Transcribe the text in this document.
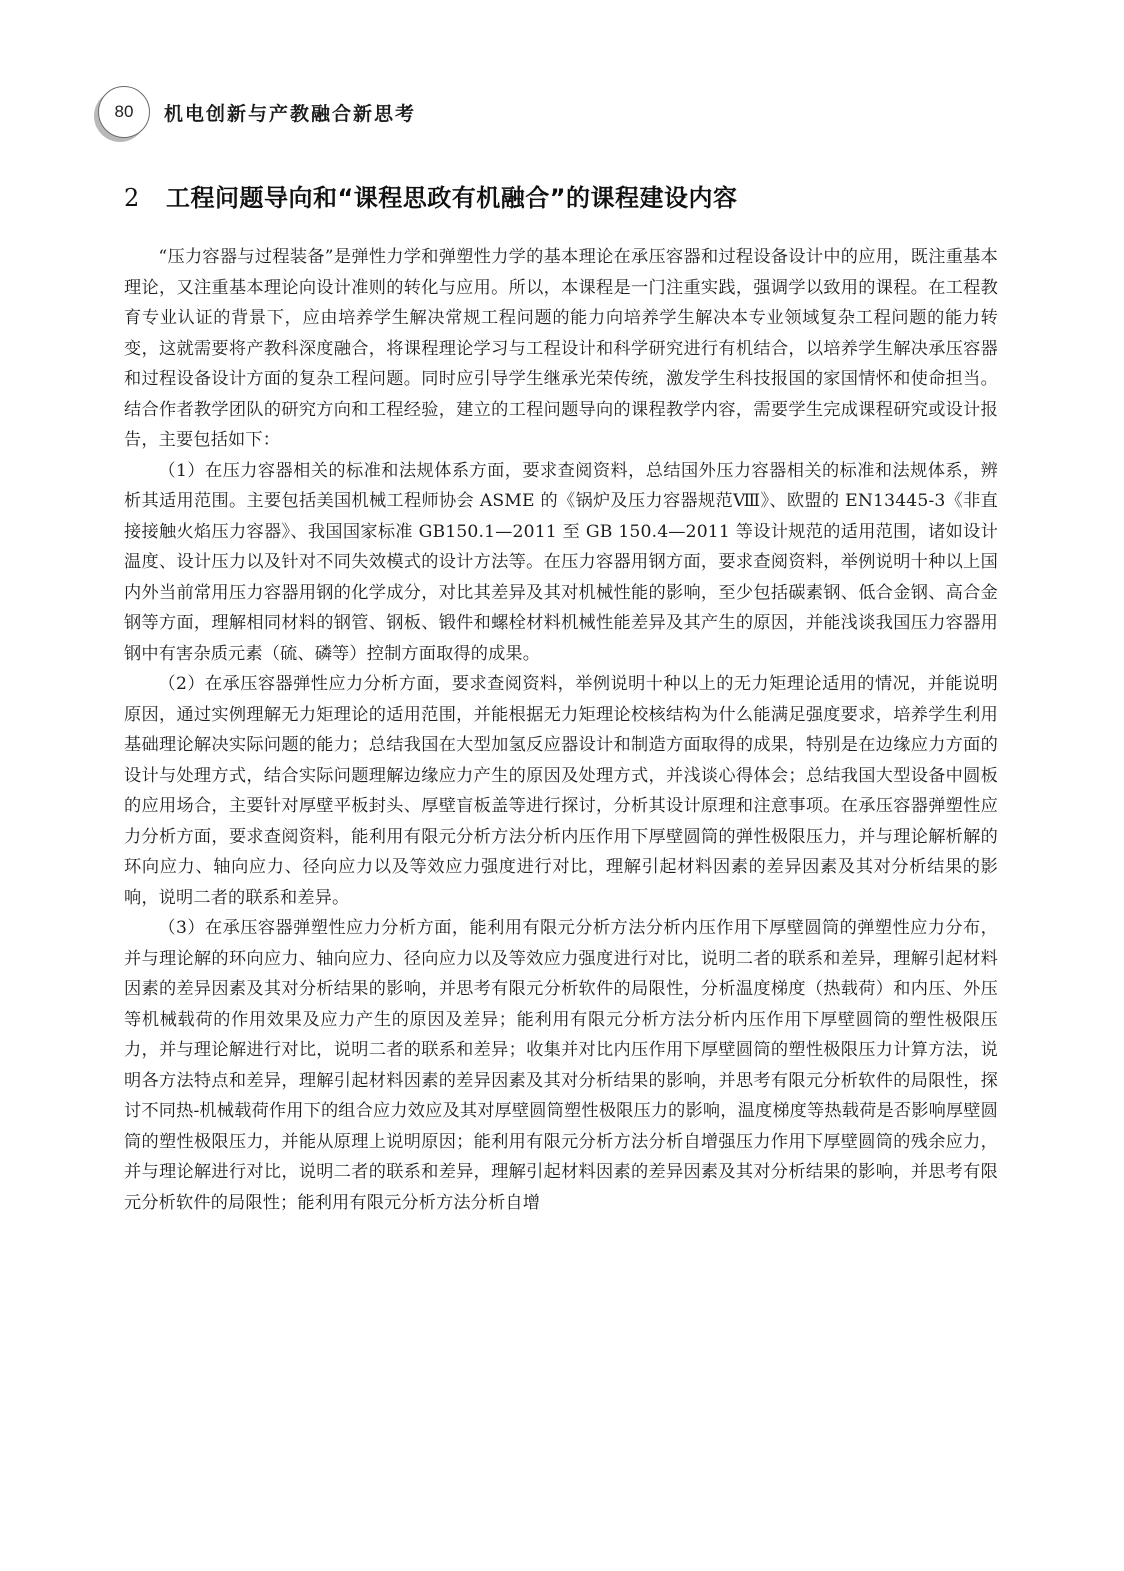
80 机电创新与产教融合新思考
2	工程问题导向和“课程思政有机融合”的课程建设内容

“压力容器与过程装备”是弹性力学和弹塑性力学的基本理论在承压容器和过程设备设计中的应用，既注重基本理论，又注重基本理论向设计准则的转化与应用。所以，本课程是一门注重实践，强调学以致用的课程。在工程教育专业认证的背景下，应由培养学生解决常规工程问题的能力向培养学生解决本专业领域复杂工程问题的能力转变，这就需要将产教科深度融合，将课程理论学习与工程设计和科学研究进行有机结合，以培养学生解决承压容器和过程设备设计方面的复杂工程问题。同时应引导学生继承光荣传统，激发学生科技报国的家国情怀和使命担当。结合作者教学团队的研究方向和工程经验，建立的工程问题导向的课程教学内容，需要学生完成课程研究或设计报告，主要包括如下：

（1）在压力容器相关的标准和法规体系方面，要求查阅资料，总结国外压力容器相关的标准和法规体系，辨析其适用范围。主要包括美国机械工程师协会 ASME 的《锅炉及压力容器规范Ⅷ》、欧盟的 EN13445-3《非直接接触火焰压力容器》、我国国家标准 GB150.1—2011 至 GB 150.4—2011 等设计规范的适用范围，诸如设计温度、设计压力以及针对不同失效模式的设计方法等。在压力容器用钢方面，要求查阅资料，举例说明十种以上国内外当前常用压力容器用钢的化学成分，对比其差异及其对机械性能的影响，至少包括碳素钢、低合金钢、高合金钢等方面，理解相同材料的钢管、钢板、锻件和螺栓材料机械性能差异及其产生的原因，并能浅谈我国压力容器用钢中有害杂质元素（硫、磷等）控制方面取得的成果。

（2）在承压容器弹性应力分析方面，要求查阅资料，举例说明十种以上的无力矩理论适用的情况，并能说明原因，通过实例理解无力矩理论的适用范围，并能根据无力矩理论校核结构为什么能满足强度要求，培养学生利用基础理论解决实际问题的能力；总结我国在大型加氢反应器设计和制造方面取得的成果，特别是在边缘应力方面的设计与处理方式，结合实际问题理解边缘应力产生的原因及处理方式，并浅谈心得体会；总结我国大型设备中圆板的应用场合，主要针对厚壁平板封头、厚壁盲板盖等进行探讨，分析其设计原理和注意事项。在承压容器弹塑性应力分析方面，要求查阅资料，能利用有限元分析方法分析内压作用下厚壁圆筒的弹性极限压力，并与理论解析解的环向应力、轴向应力、径向应力以及等效应力强度进行对比，理解引起材料因素的差异因素及其对分析结果的影响，说明二者的联系和差异。

（3）在承压容器弹塑性应力分析方面，能利用有限元分析方法分析内压作用下厚壁圆筒的弹塑性应力分布，并与理论解的环向应力、轴向应力、径向应力以及等效应力强度进行对比，说明二者的联系和差异，理解引起材料因素的差异因素及其对分析结果的影响，并思考有限元分析软件的局限性，分析温度梯度（热载荷）和内压、外压等机械载荷的作用效果及应力产生的原因及差异；能利用有限元分析方法分析内压作用下厚壁圆筒的塑性极限压力，并与理论解进行对比，说明二者的联系和差异；收集并对比内压作用下厚壁圆筒的塑性极限压力计算方法，说明各方法特点和差异，理解引起材料因素的差异因素及其对分析结果的影响，并思考有限元分析软件的局限性，探讨不同热-机械载荷作用下的组合应力效应及其对厚壁圆筒塑性极限压力的影响，温度梯度等热载荷是否影响厚壁圆筒的塑性极限压力，并能从原理上说明原因；能利用有限元分析方法分析自增强压力作用下厚壁圆筒的残余应力，并与理论解进行对比，说明二者的联系和差异，理解引起材料因素的差异因素及其对分析结果的影响，并思考有限元分析软件的局限性；能利用有限元分析方法分析自增
